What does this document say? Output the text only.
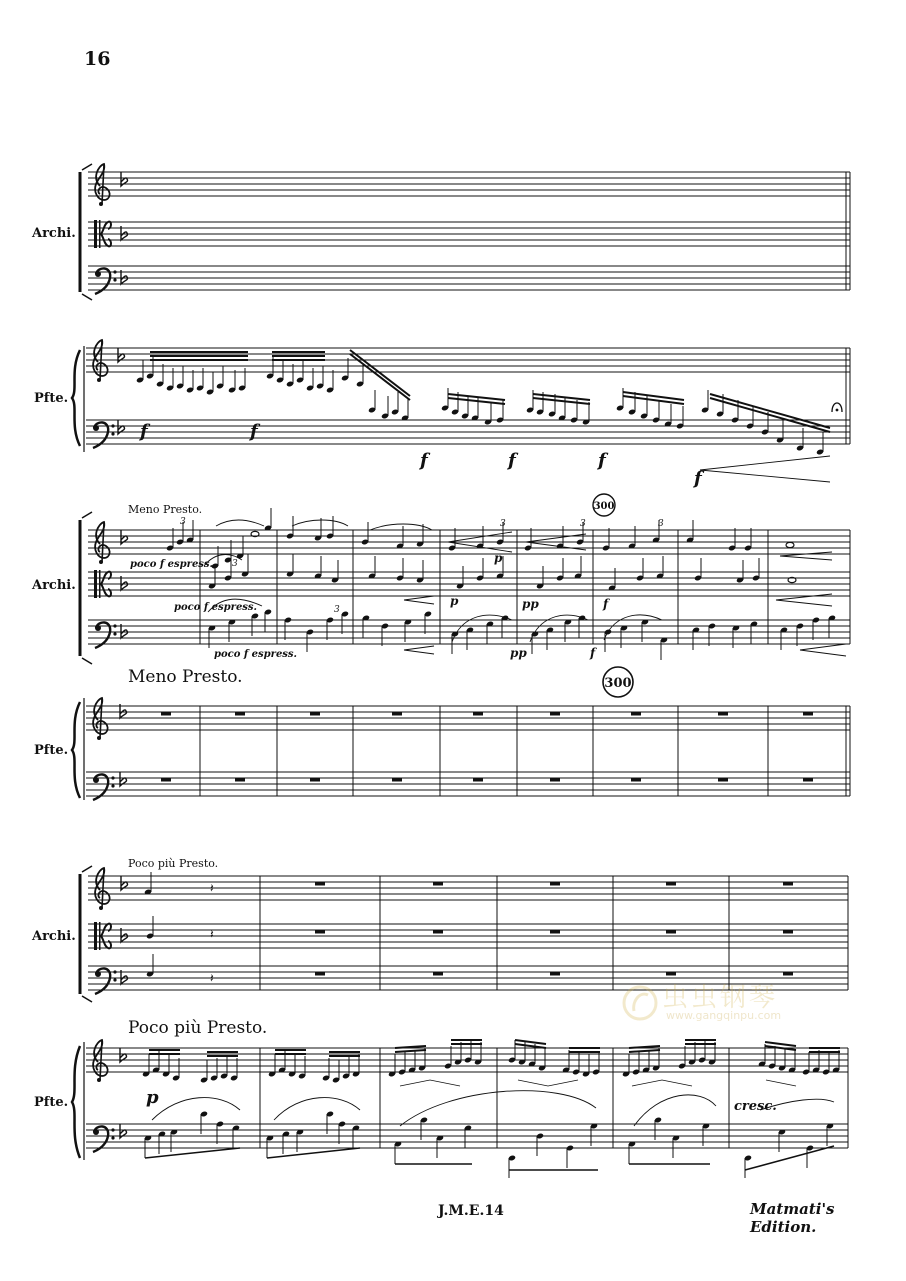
16
𝄽
𝄽
𝄽
Archi.
Pfte.
f	f
f	f	f
f
Meno Presto.
Archi.
Meno Presto.
Pfte.
poco f espress.
poco f espress.
poco f espress.
p
p	pp
pp
f
f
300
300
3
3
3	3	3
3
Poco più Presto.
Archi.
Poco più Presto.
Pfte.	p	cresc.
虫虫钢琴
www.gangqinpu.com
J.M.E.14	Matmati's Edition.
